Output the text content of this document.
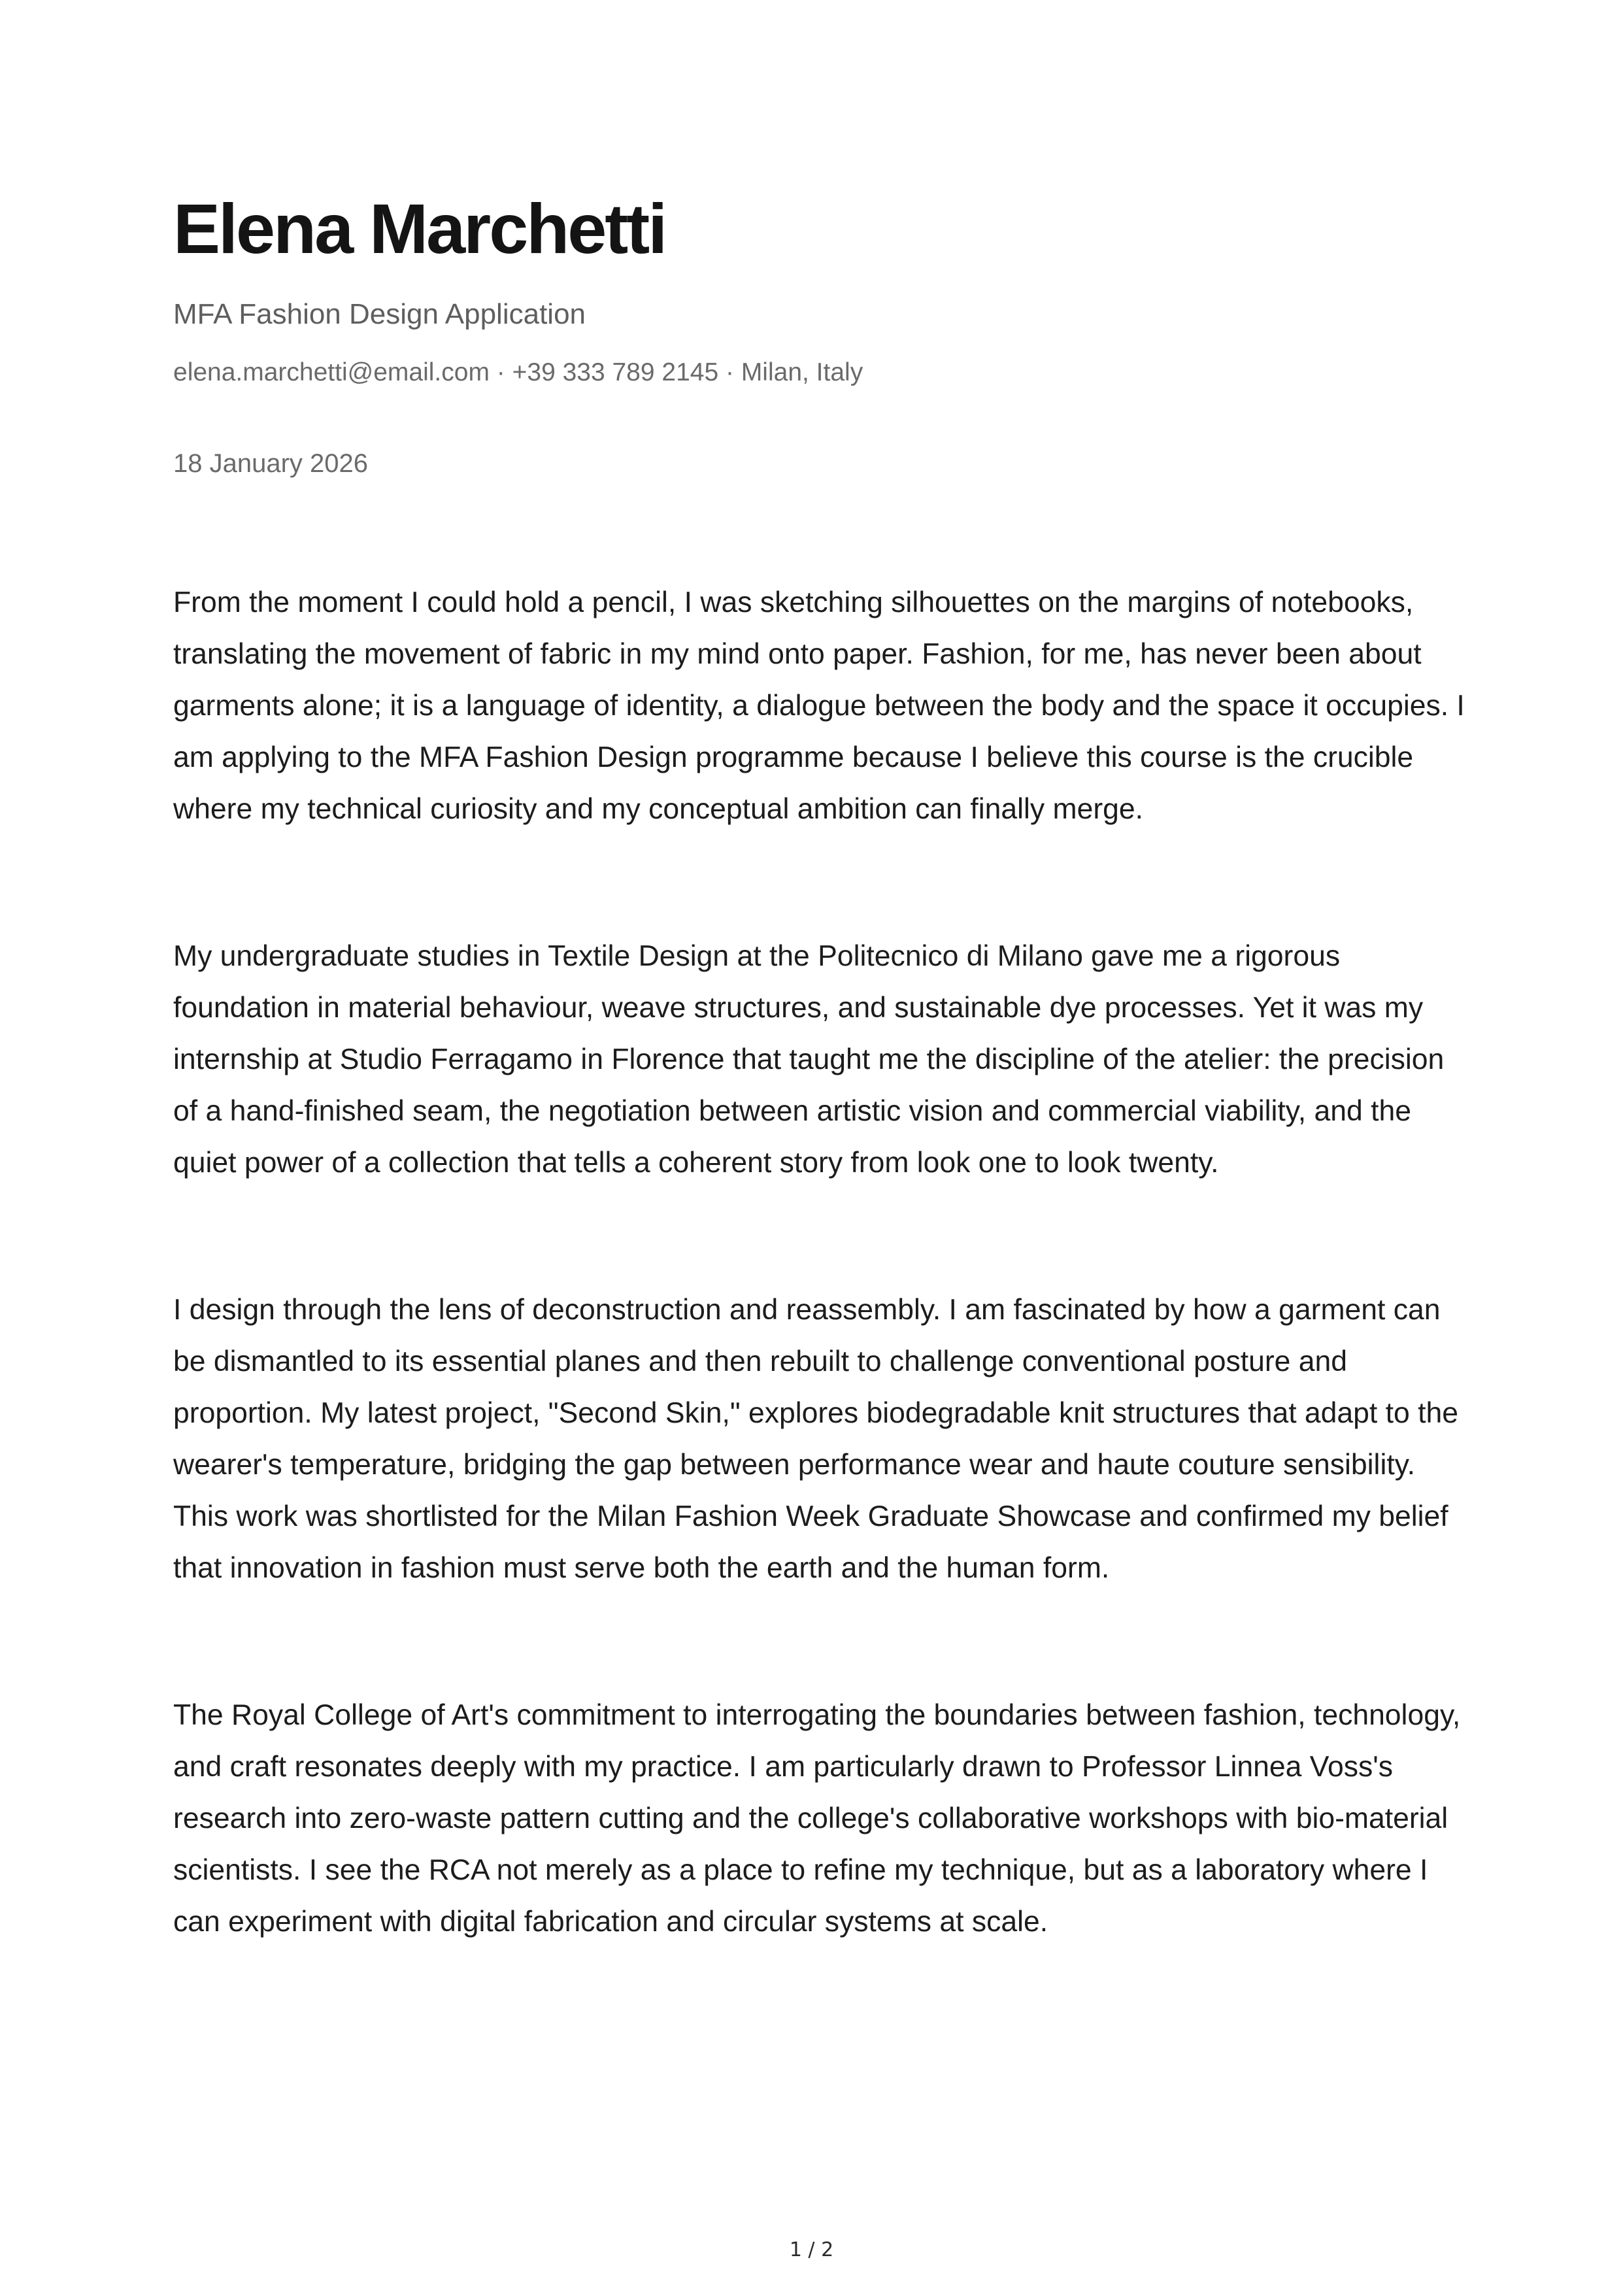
Elena Marchetti

MFA Fashion Design Application

elena.marchetti@email.com · +39 333 789 2145 · Milan, Italy

18 January 2026

From the moment I could hold a pencil, I was sketching silhouettes on the margins of notebooks, translating the movement of fabric in my mind onto paper. Fashion, for me, has never been about garments alone; it is a language of identity, a dialogue between the body and the space it occupies. I am applying to the MFA Fashion Design programme because I believe this course is the crucible where my technical curiosity and my conceptual ambition can finally merge.

My undergraduate studies in Textile Design at the Politecnico di Milano gave me a rigorous foundation in material behaviour, weave structures, and sustainable dye processes. Yet it was my internship at Studio Ferragamo in Florence that taught me the discipline of the atelier: the precision of a hand-finished seam, the negotiation between artistic vision and commercial viability, and the quiet power of a collection that tells a coherent story from look one to look twenty.

I design through the lens of deconstruction and reassembly. I am fascinated by how a garment can be dismantled to its essential planes and then rebuilt to challenge conventional posture and proportion. My latest project, "Second Skin," explores biodegradable knit structures that adapt to the wearer's temperature, bridging the gap between performance wear and haute couture sensibility. This work was shortlisted for the Milan Fashion Week Graduate Showcase and confirmed my belief that innovation in fashion must serve both the earth and the human form.

The Royal College of Art's commitment to interrogating the boundaries between fashion, technology, and craft resonates deeply with my practice. I am particularly drawn to Professor Linnea Voss's research into zero-waste pattern cutting and the college's collaborative workshops with bio-material scientists. I see the RCA not merely as a place to refine my technique, but as a laboratory where I can experiment with digital fabrication and circular systems at scale.

1 / 2
